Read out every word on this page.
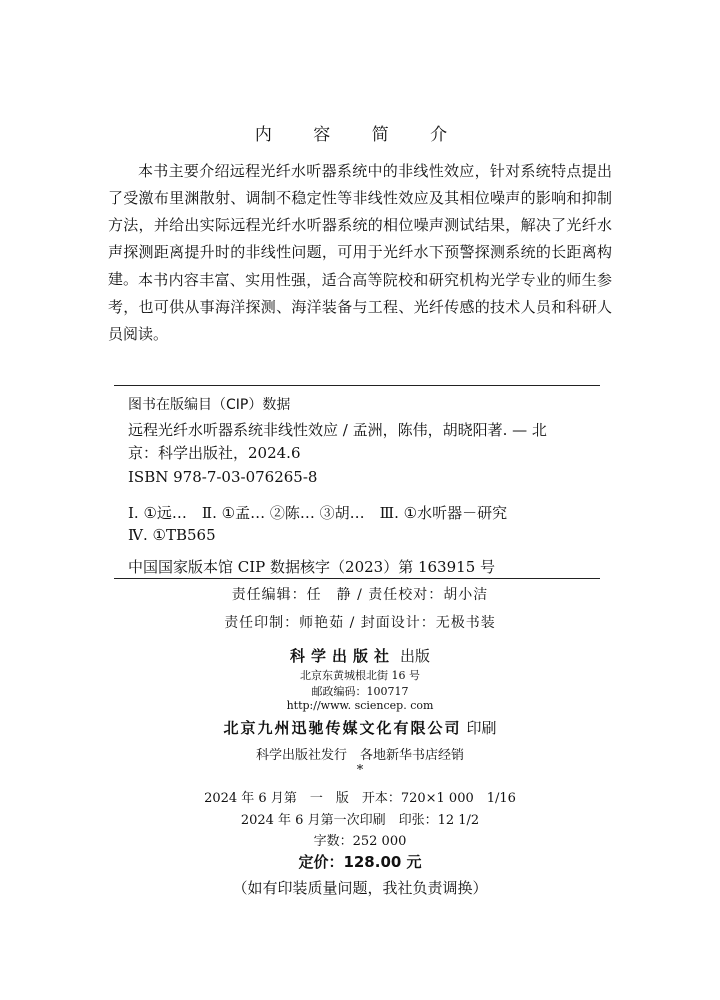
内 容 简 介

本书主要介绍远程光纤水听器系统中的非线性效应，针对系统特点提出了受激布里渊散射、调制不稳定性等非线性效应及其相位噪声的影响和抑制方法，并给出实际远程光纤水听器系统的相位噪声测试结果，解决了光纤水声探测距离提升时的非线性问题，可用于光纤水下预警探测系统的长距离构建。 本书内容丰富、实用性强，适合高等院校和研究机构光学专业的师生参考，也可供从事海洋探测、海洋装备与工程、光纤传感的技术人员和科研人员阅读。

图书在版编目（CIP）数据
远程光纤水听器系统非线性效应 / 孟洲，陈伟，胡晓阳著. — 北
京：科学出版社，2024.6
ISBN 978-7-03-076265-8
Ⅰ. ①远…　Ⅱ. ①孟… ②陈… ③胡…　Ⅲ. ①水听器－研究
Ⅳ. ①TB565
中国国家版本馆 CIP 数据核字（2023）第 163915 号
责任编辑：任　静 / 责任校对：胡小洁
责任印制：师艳茹 / 封面设计：无极书装
科学出版社 出版
北京东黄城根北街 16 号
邮政编码：100717
http://www. sciencep. com
北京九州迅驰传媒文化有限公司 印刷
科学出版社发行　各地新华书店经销
*
2024 年 6 月第　一　版　开本：720×1 000　1/16
2024 年 6 月第一次印刷　印张：12 1/2
字数：252 000
定价：128.00 元
（如有印装质量问题，我社负责调换）
